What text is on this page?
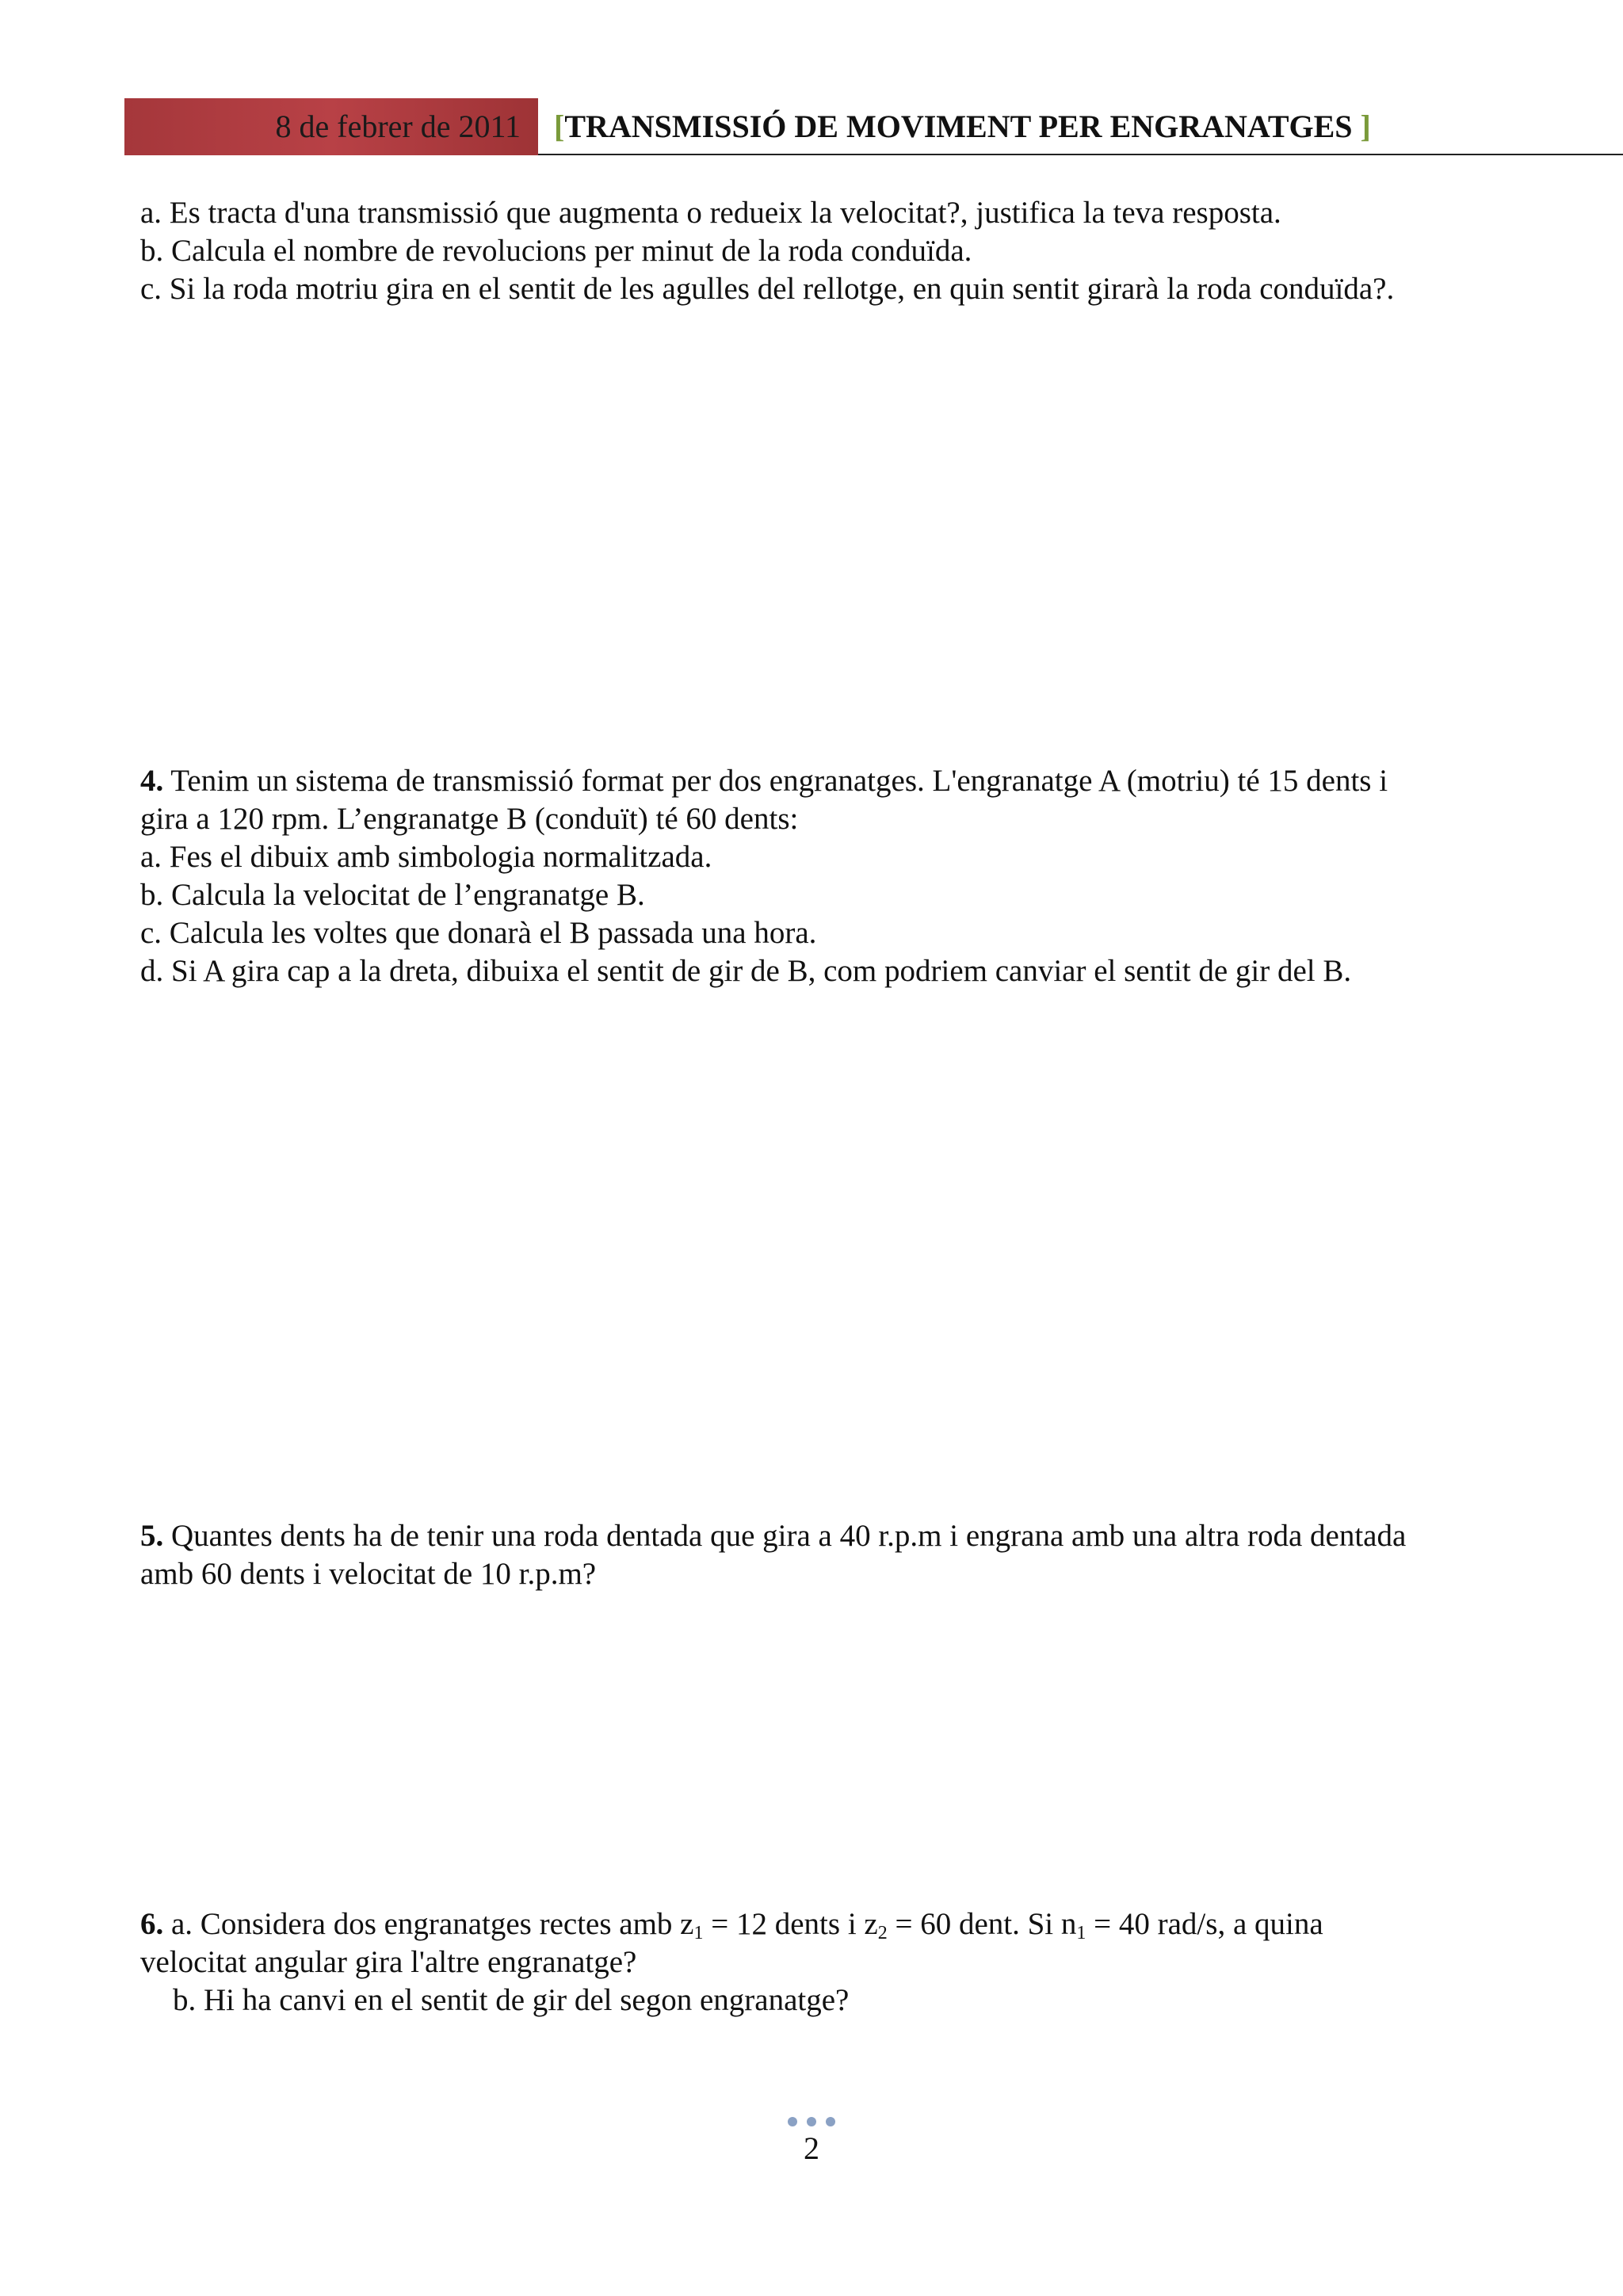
8 de febrer de 2011 [TRANSMISSIÓ DE MOVIMENT PER ENGRANATGES ]
a. Es tracta d'una transmissió que augmenta o redueix la velocitat?, justifica la teva resposta.
b. Calcula el nombre de revolucions per minut de la roda conduïda.
c. Si la roda motriu gira en el sentit de les agulles del rellotge, en quin sentit girarà la roda conduïda?.
4. Tenim un sistema de transmissió format per dos engranatges. L'engranatge A (motriu) té 15 dents i
gira a 120 rpm. L’engranatge B (conduït) té 60 dents:
a. Fes el dibuix amb simbologia normalitzada.
b. Calcula la velocitat de l’engranatge B.
c. Calcula les voltes que donarà el B passada una hora.
d. Si A gira cap a la dreta, dibuixa el sentit de gir de B, com podriem canviar el sentit de gir del B.
5. Quantes dents ha de tenir una roda dentada que gira a 40 r.p.m i engrana amb una altra roda dentada
amb 60 dents i velocitat de 10 r.p.m?
6. a. Considera dos engranatges rectes amb $z_1 = 12$ dents i $z_2 = 60$ dent. Si $n_1 = 40$ rad/s, a quina
velocitat angular gira l'altre engranatge?
b. Hi ha canvi en el sentit de gir del segon engranatge?
2
